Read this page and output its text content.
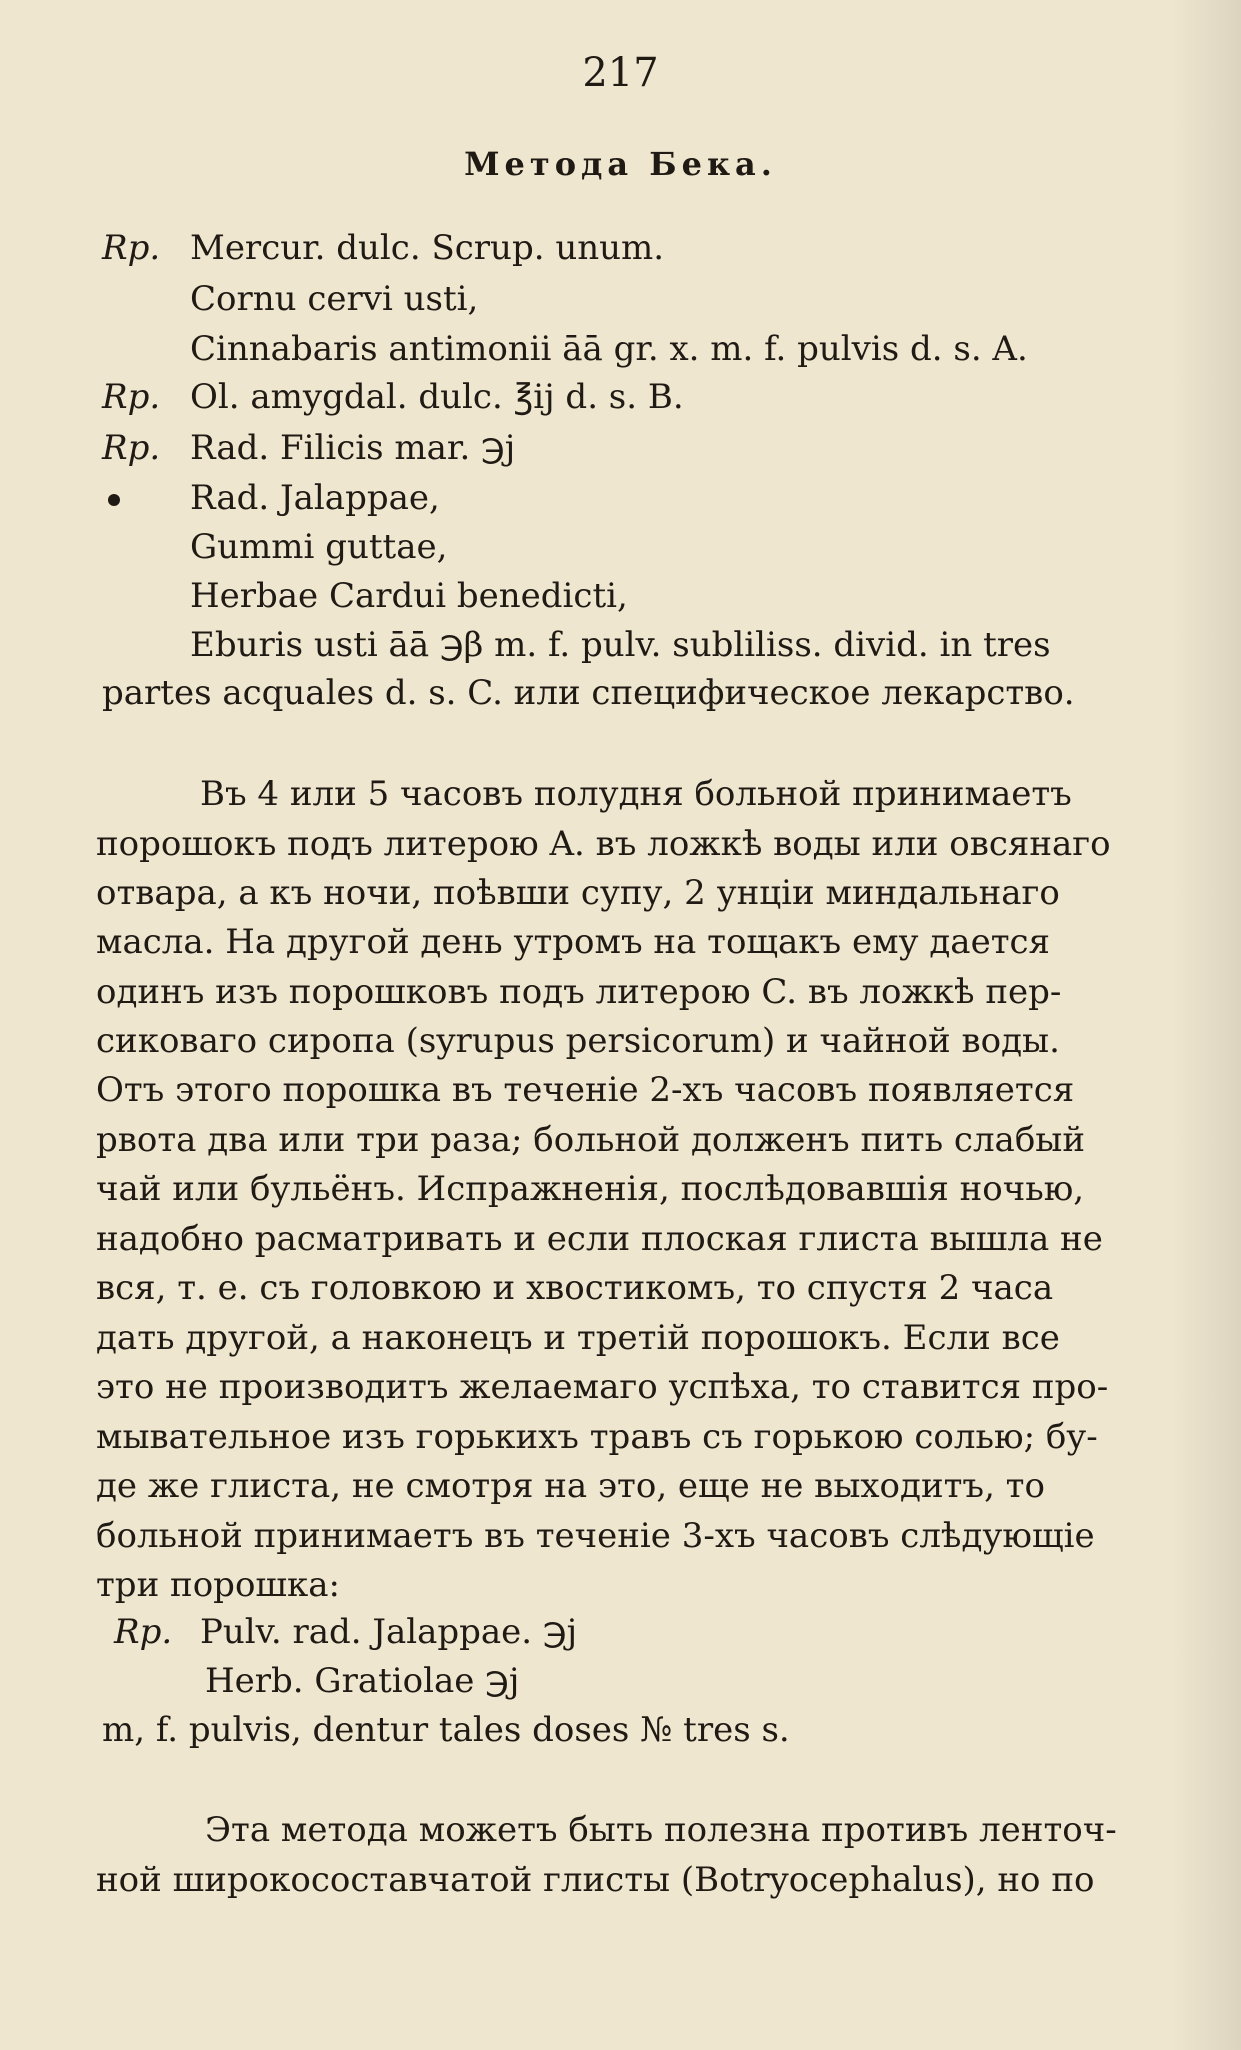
217
Метода Бека.
Rp. Mercur. dulc. Scrup. unum.
Cornu cervi usti,
Cinnabaris antimonii āā gr. x. m. f. pulvis d. s. A.
Rp. Ol. amygdal. dulc. ℥ij d. s. B.
Rp. Rad. Filicis mar. ℈j
Rad. Jalappae,
Gummi guttae,
Herbae Cardui benedicti,
Eburis usti āā ℈β m. f. pulv. subliliss. divid. in tres
partes acquales d. s. C. или специфическое лекарство.
Въ 4 или 5 часовъ полудня больной принимаетъ
порошокъ подъ литерою A. въ ложкѣ воды или овсянаго
отвара, а къ ночи, поѣвши супу, 2 унціи миндальнаго
масла. На другой день утромъ на тощакъ ему дается
одинъ изъ порошковъ подъ литерою C. въ ложкѣ пер-
сиковаго сиропа (syrupus persicorum) и чайной воды.
Отъ этого порошка въ теченіе 2-хъ часовъ появляется
рвота два или три раза; больной долженъ пить слабый
чай или бульёнъ. Испражненія, послѣдовавшія ночью,
надобно расматривать и если плоская глиста вышла не
вся, т. е. съ головкою и хвостикомъ, то спустя 2 часа
дать другой, а наконецъ и третій порошокъ. Если все
это не производитъ желаемаго успѣха, то ставится про-
мывательное изъ горькихъ травъ съ горькою солью; бу-
де же глиста, не смотря на это, еще не выходитъ, то
больной принимаетъ въ теченіе 3-хъ часовъ слѣдующіе
три порошка:
Rp. Pulv. rad. Jalappae. ℈j
Herb. Gratiolae ℈j
m, f. pulvis, dentur tales doses № tres s.
Эта метода можетъ быть полезна противъ ленточ-
ной широкосоставчатой глисты (Botryocephalus), но по
